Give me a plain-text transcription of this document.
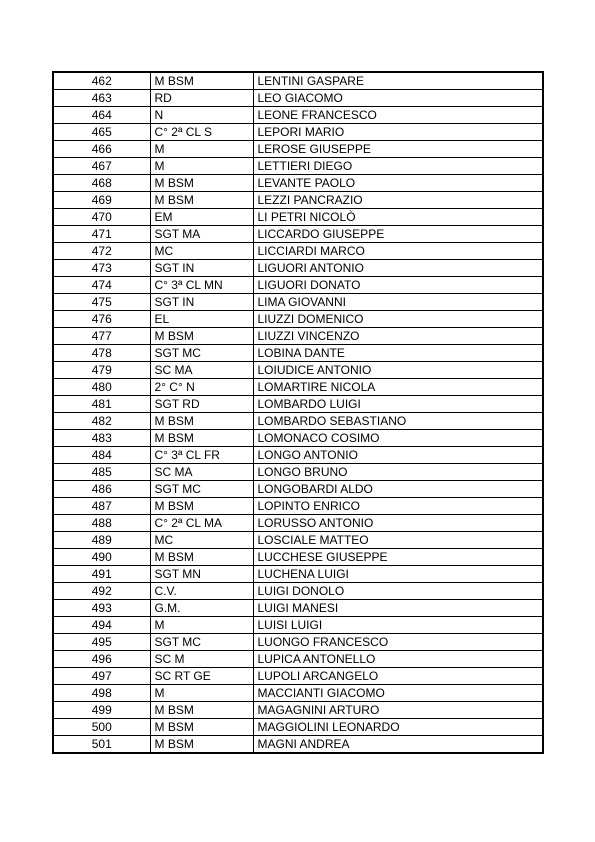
462	M BSM	LENTINI GASPARE
463	RD	LEO GIACOMO
464	N	LEONE FRANCESCO
465	C° 2ª CL S	LEPORI MARIO
466	M	LEROSE GIUSEPPE
467	M	LETTIERI DIEGO
468	M BSM	LEVANTE PAOLO
469	M BSM	LEZZI PANCRAZIO
470	EM	LI PETRI NICOLÒ
471	SGT MA	LICCARDO GIUSEPPE
472	MC	LICCIARDI MARCO
473	SGT IN	LIGUORI ANTONIO
474	C° 3ª CL MN	LIGUORI DONATO
475	SGT IN	LIMA GIOVANNI
476	EL	LIUZZI DOMENICO
477	M BSM	LIUZZI VINCENZO
478	SGT MC	LOBINA DANTE
479	SC MA	LOIUDICE ANTONIO
480	2° C° N	LOMARTIRE NICOLA
481	SGT RD	LOMBARDO LUIGI
482	M BSM	LOMBARDO SEBASTIANO
483	M BSM	LOMONACO COSIMO
484	C° 3ª CL FR	LONGO ANTONIO
485	SC MA	LONGO BRUNO
486	SGT MC	LONGOBARDI ALDO
487	M BSM	LOPINTO ENRICO
488	C° 2ª CL MA	LORUSSO ANTONIO
489	MC	LOSCIALE MATTEO
490	M BSM	LUCCHESE GIUSEPPE
491	SGT MN	LUCHENA LUIGI
492	C.V.	LUIGI DONOLO
493	G.M.	LUIGI MANESI
494	M	LUISI LUIGI
495	SGT MC	LUONGO FRANCESCO
496	SC M	LUPICA ANTONELLO
497	SC RT GE	LUPOLI ARCANGELO
498	M	MACCIANTI GIACOMO
499	M BSM	MAGAGNINI ARTURO
500	M BSM	MAGGIOLINI LEONARDO
501	M BSM	MAGNI ANDREA
